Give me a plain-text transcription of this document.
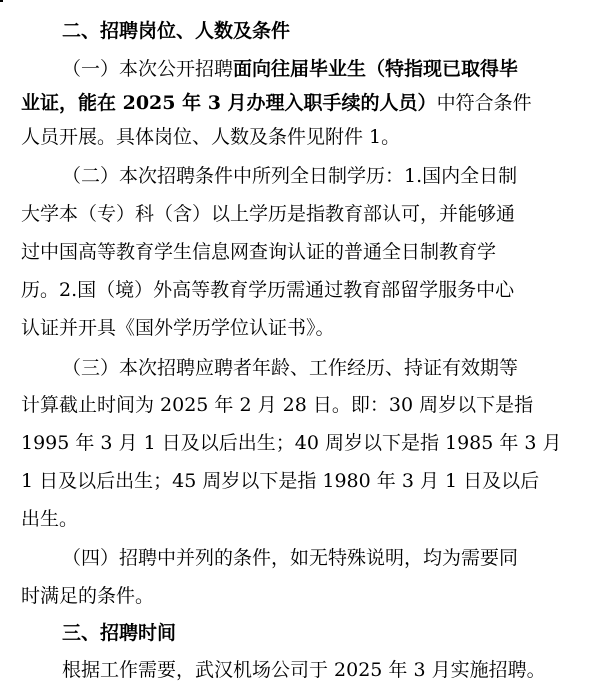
二、招聘岗位、人数及条件
（一）本次公开招聘面向往届毕业生（特指现已取得毕
业证，能在 2025 年 3 月办理入职手续的人员）中符合条件
人员开展。具体岗位、人数及条件见附件 1。
（二）本次招聘条件中所列全日制学历：1.国内全日制
大学本（专）科（含）以上学历是指教育部认可，并能够通
过中国高等教育学生信息网查询认证的普通全日制教育学
历。2.国（境）外高等教育学历需通过教育部留学服务中心
认证并开具《国外学历学位认证书》。
（三）本次招聘应聘者年龄、工作经历、持证有效期等
计算截止时间为 2025 年 2 月 28 日。即：30 周岁以下是指
1995 年 3 月 1 日及以后出生；40 周岁以下是指 1985 年 3 月
1 日及以后出生；45 周岁以下是指 1980 年 3 月 1 日及以后
出生。
（四）招聘中并列的条件，如无特殊说明，均为需要同
时满足的条件。
三、招聘时间
根据工作需要，武汉机场公司于 2025 年 3 月实施招聘。
